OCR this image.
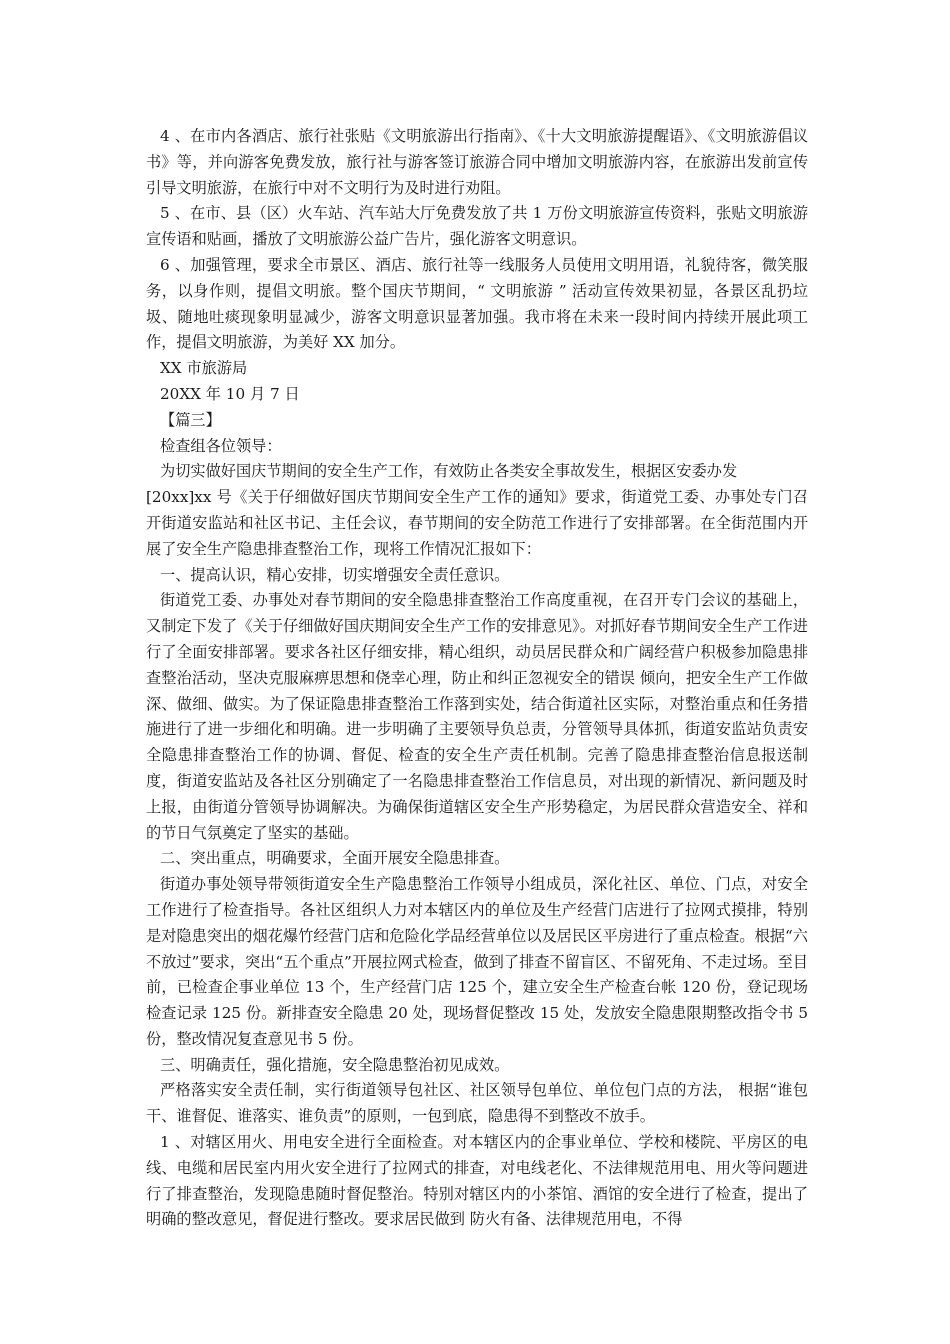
4 、在市内各酒店、旅行社张贴《文明旅游出行指南》、《十大文明旅游提醒语》、《文明旅游倡议书》等，并向游客免费发放，旅行社与游客签订旅游合同中增加文明旅游内容，在旅游出发前宣传引导文明旅游，在旅行中对不文明行为及时进行劝阻。

5 、在市、县（区）火车站、汽车站大厅免费发放了共 1 万份文明旅游宣传资料，张贴文明旅游宣传语和贴画，播放了文明旅游公益广告片，强化游客文明意识。

6 、加强管理，要求全市景区、酒店、旅行社等一线服务人员使用文明用语，礼貌待客，微笑服务，以身作则，提倡文明旅。整个国庆节期间，“ 文明旅游 ” 活动宣传效果初显，各景区乱扔垃圾、随地吐痰现象明显减少，游客文明意识显著加强。我市将在未来一段时间内持续开展此项工作，提倡文明旅游，为美好 XX 加分。

XX 市旅游局

20XX 年 10 月 7 日

【篇三】

检查组各位领导：

为切实做好国庆节期间的安全生产工作，有效防止各类安全事故发生，根据区安委办发

[20xx]xx 号《关于仔细做好国庆节期间安全生产工作的通知》要求，街道党工委、办事处专门召开街道安监站和社区书记、主任会议，春节期间的安全防范工作进行了安排部署。在全街范围内开展了安全生产隐患排查整治工作，现将工作情况汇报如下：

一、提高认识，精心安排，切实增强安全责任意识。

街道党工委、办事处对春节期间的安全隐患排查整治工作高度重视，在召开专门会议的基础上，又制定下发了《关于仔细做好国庆期间安全生产工作的安排意见》。对抓好春节期间安全生产工作进行了全面安排部署。要求各社区仔细安排，精心组织，动员居民群众和广阔经营户积极参加隐患排查整治活动，坚决克服麻痹思想和侥幸心理，防止和纠正忽视安全的错误 倾向，把安全生产工作做深、做细、做实。为了保证隐患排查整治工作落到实处，结合街道社区实际，对整治重点和任务措施进行了进一步细化和明确。进一步明确了主要领导负总责，分管领导具体抓，街道安监站负责安全隐患排查整治工作的协调、督促、检查的安全生产责任机制。完善了隐患排查整治信息报送制度，街道安监站及各社区分别确定了一名隐患排查整治工作信息员，对出现的新情况、新问题及时上报，由街道分管领导协调解决。为确保街道辖区安全生产形势稳定，为居民群众营造安全、祥和的节日气氛奠定了坚实的基础。

二、突出重点，明确要求，全面开展安全隐患排查。

街道办事处领导带领街道安全生产隐患整治工作领导小组成员，深化社区、单位、门点，对安全工作进行了检查指导。各社区组织人力对本辖区内的单位及生产经营门店进行了拉网式摸排，特别是对隐患突出的烟花爆竹经营门店和危险化学品经营单位以及居民区平房进行了重点检查。根据“六不放过”要求，突出“五个重点”开展拉网式检查，做到了排查不留盲区、不留死角、不走过场。至目前，已检查企事业单位 13 个，生产经营门店 125 个，建立安全生产检查台帐 120 份，登记现场检查记录 125 份。新排查安全隐患 20 处，现场督促整改 15 处，发放安全隐患限期整改指令书 5 份，整改情况复查意见书 5 份。

三、明确责任，强化措施，安全隐患整治初见成效。

严格落实安全责任制，实行街道领导包社区、社区领导包单位、单位包门点的方法， 根据“谁包干、谁督促、谁落实、谁负责”的原则，一包到底，隐患得不到整改不放手。

1 、对辖区用火、用电安全进行全面检查。对本辖区内的企事业单位、学校和楼院、平房区的电线、电缆和居民室内用火安全进行了拉网式的排查，对电线老化、不法律规范用电、用火等问题进行了排查整治，发现隐患随时督促整治。特别对辖区内的小茶馆、酒馆的安全进行了检查，提出了明确的整改意见，督促进行整改。要求居民做到 防火有备、法律规范用电，不得
